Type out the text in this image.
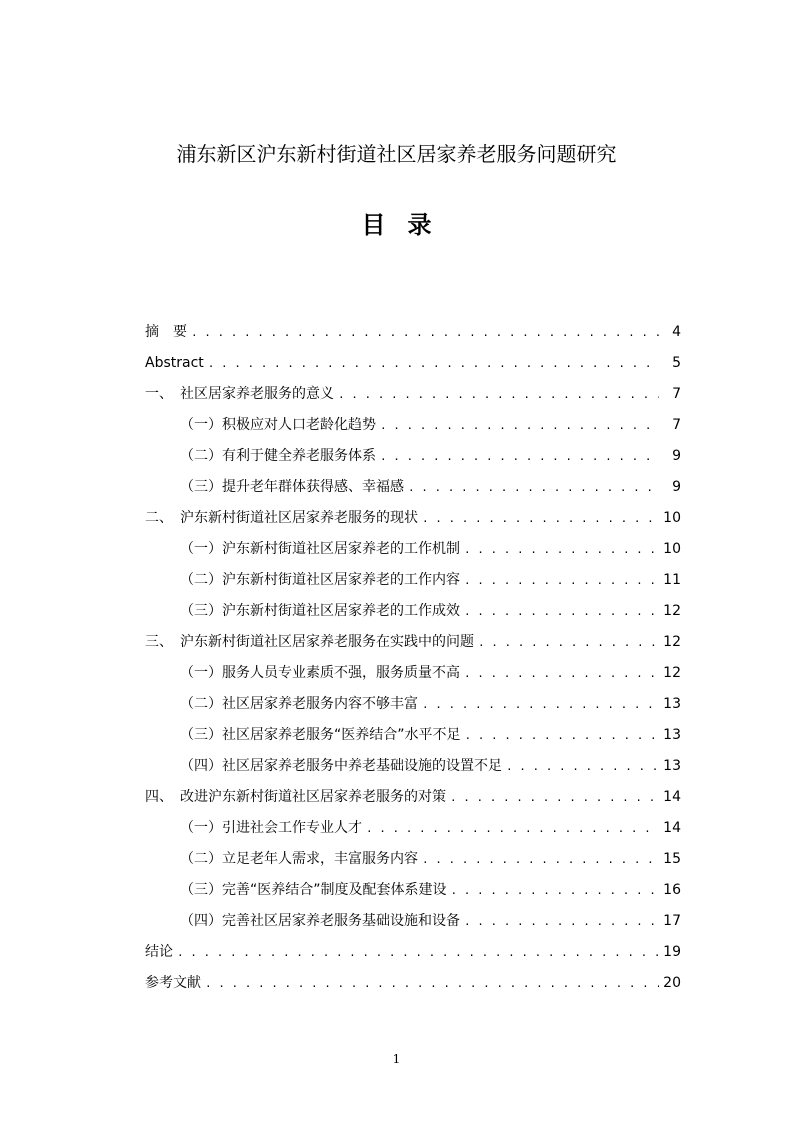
浦东新区沪东新村街道社区居家养老服务问题研究
目录
摘　要 . . .	4
Abstract . . .	5
一、　社区居家养老服务的意义 . . .	7
（一）积极应对人口老龄化趋势 . . .	7
（二）有利于健全养老服务体系 . . .	9
（三）提升老年群体获得感、幸福感 . . .	9
二、　沪东新村街道社区居家养老服务的现状 . . .	10
（一）沪东新村街道社区居家养老的工作机制 . . .	10
（二）沪东新村街道社区居家养老的工作内容 . . .	11
（三）沪东新村街道社区居家养老的工作成效 . . .	12
三、　沪东新村街道社区居家养老服务在实践中的问题 . . .	12
（一）服务人员专业素质不强，服务质量不高 . . .	12
（二）社区居家养老服务内容不够丰富 . . .	13
（三）社区居家养老服务“医养结合”水平不足 . . .	13
（四）社区居家养老服务中养老基础设施的设置不足 . . .	13
四、　改进沪东新村街道社区居家养老服务的对策 . . .	14
（一）引进社会工作专业人才 . . .	14
（二）立足老年人需求，丰富服务内容 . . .	15
（三）完善“医养结合”制度及配套体系建设 . . .	16
（四）完善社区居家养老服务基础设施和设备 . . .	17
结论 . . .	19
参考文献 . . .	20
1
